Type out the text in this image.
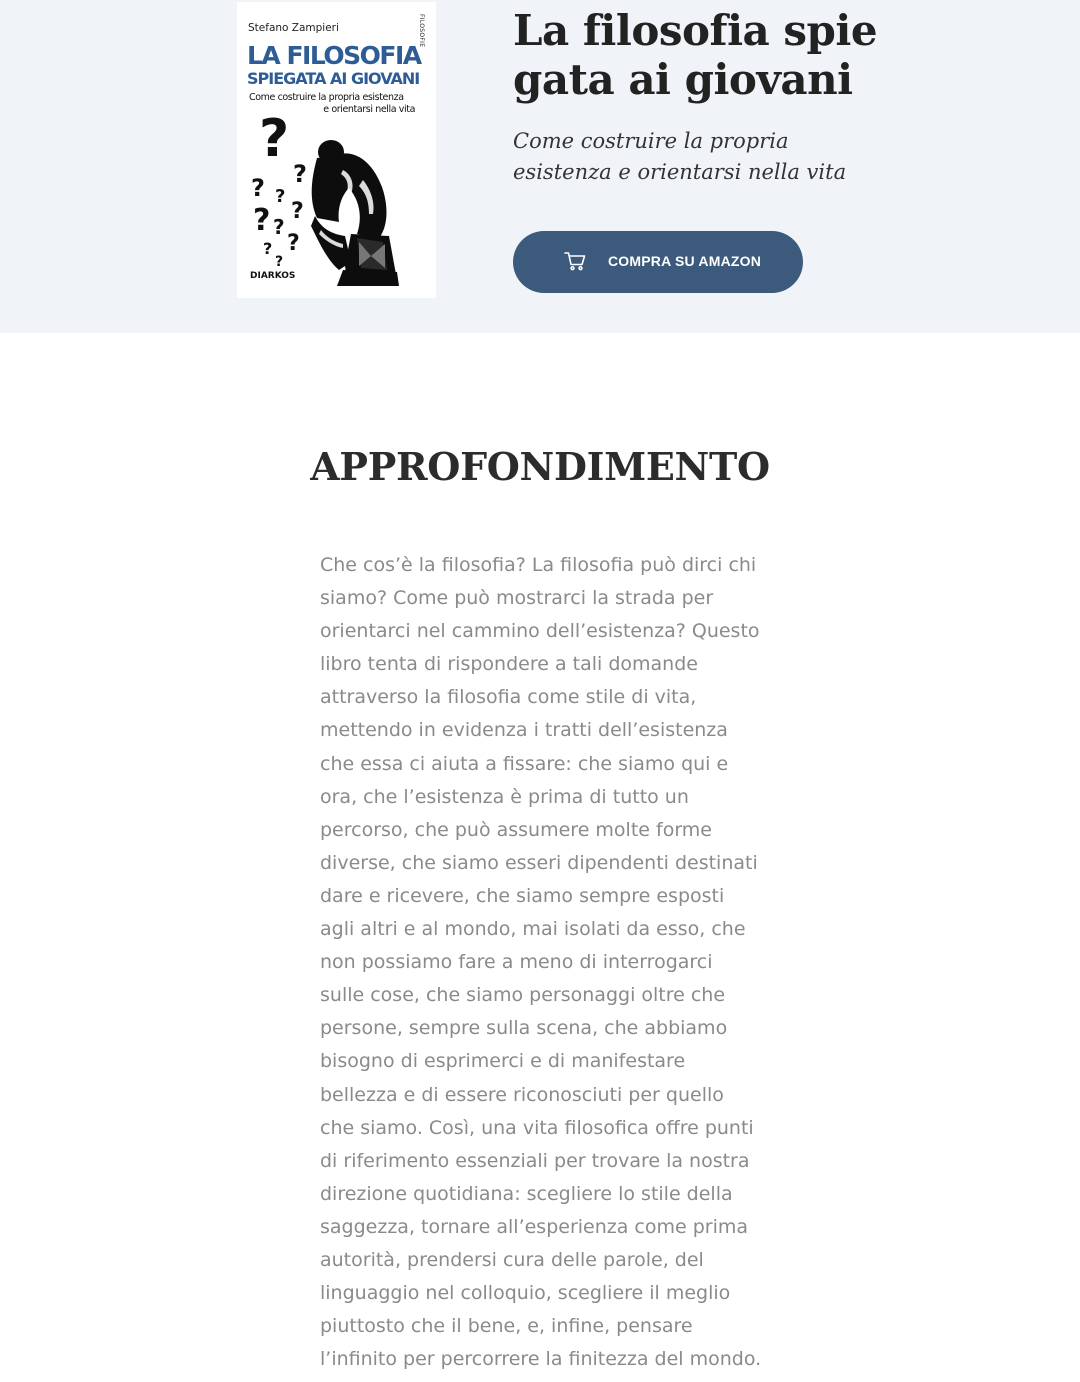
Stefano Zampieri	FILOSOFIE
LA FILOSOFIA
SPIEGATA AI GIOVANI
Come costruire la propria esistenza
e orientarsi nella vita
?
?
? ?
?
? ?
?
?
?
DIARKOS
La filosofia spie
gata ai giovani

Come costruire la propria
esistenza e orientarsi nella vita

COMPRA SU AMAZON
APPROFONDIMENTO
Che cos’è la filosofia? La filosofia può dirci chi
siamo? Come può mostrarci la strada per
orientarci nel cammino dell’esistenza? Questo
libro tenta di rispondere a tali domande
attraverso la filosofia come stile di vita,
mettendo in evidenza i tratti dell’esistenza
che essa ci aiuta a fissare: che siamo qui e
ora, che l’esistenza è prima di tutto un
percorso, che può assumere molte forme
diverse, che siamo esseri dipendenti destinati
dare e ricevere, che siamo sempre esposti
agli altri e al mondo, mai isolati da esso, che
non possiamo fare a meno di interrogarci
sulle cose, che siamo personaggi oltre che
persone, sempre sulla scena, che abbiamo
bisogno di esprimerci e di manifestare
bellezza e di essere riconosciuti per quello
che siamo. Così, una vita filosofica offre punti
di riferimento essenziali per trovare la nostra
direzione quotidiana: scegliere lo stile della
saggezza, tornare all’esperienza come prima
autorità, prendersi cura delle parole, del
linguaggio nel colloquio, scegliere il meglio
piuttosto che il bene, e, infine, pensare
l’infinito per percorrere la finitezza del mondo.
